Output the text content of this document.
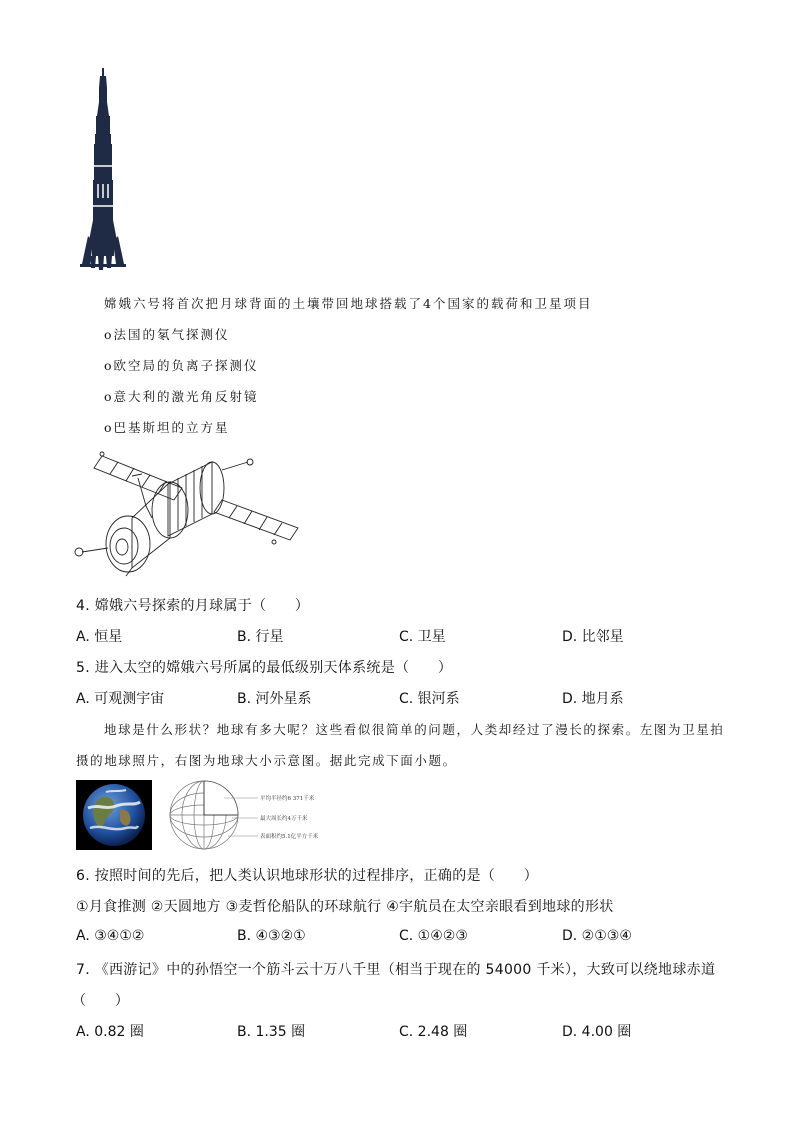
嫦娥六号将首次把月球背面的土壤带回地球搭载了4个国家的载荷和卫星项目
o法国的氡气探测仪
o欧空局的负离子探测仪
o意大利的激光角反射镜
o巴基斯坦的立方星
4. 嫦娥六号探索的月球属于（　　）
A. 恒星	B. 行星	C. 卫星	D. 比邻星
5. 进入太空的嫦娥六号所属的最低级别天体系统是（　　）
A. 可观测宇宙	B. 河外星系	C. 银河系	D. 地月系
地球是什么形状？地球有多大呢？这些看似很简单的问题，人类却经过了漫长的探索。左图为卫星拍
摄的地球照片，右图为地球大小示意图。据此完成下面小题。
平均半径约6 371千米
最大周长约4万千米
表面积约5.1亿平方千米
6. 按照时间的先后，把人类认识地球形状的过程排序，正确的是（　　）
①月食推测 ②天圆地方 ③麦哲伦船队的环球航行 ④宇航员在太空亲眼看到地球的形状
A. ③④①②	B. ④③②①	C. ①④②③	D. ②①③④
7. 《西游记》中的孙悟空一个筋斗云十万八千里（相当于现在的 54000 千米），大致可以绕地球赤道
（　　）
A. 0.82 圈	B. 1.35 圈	C. 2.48 圈	D. 4.00 圈
